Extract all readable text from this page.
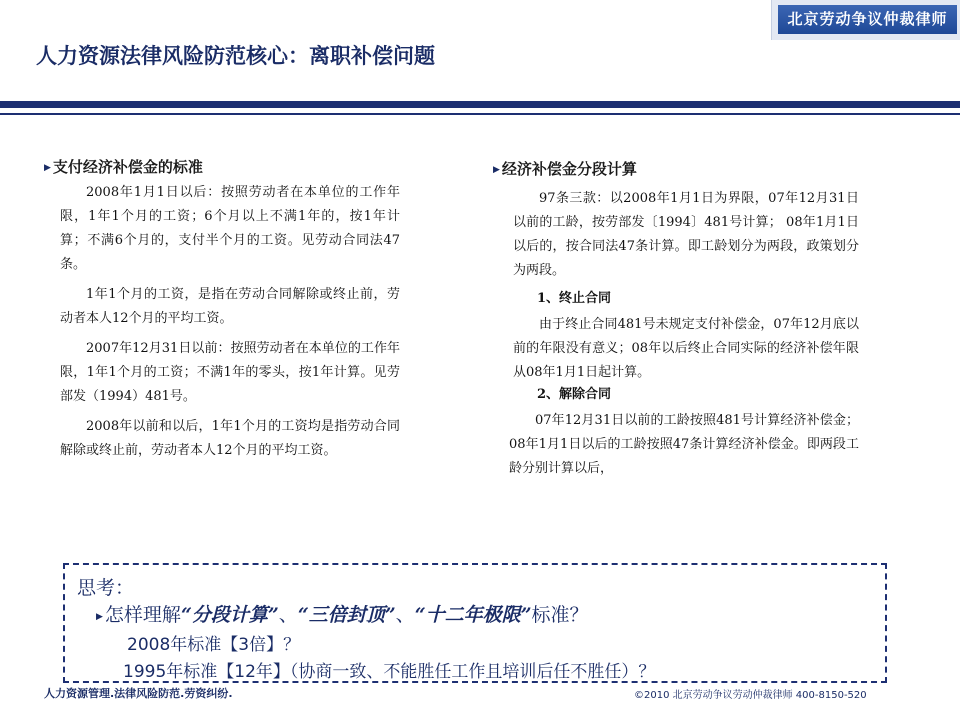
北京劳动争议仲裁律师
人力资源法律风险防范核心：离职补偿问题

▶ 支付经济补偿金的标准

2008年1月1日以后：按照劳动者在本单位的工作年限，1年1个月的工资；6个月以上不满1年的，按1年计算；不满6个月的，支付半个月的工资。见劳动合同法47条。

1年1个月的工资，是指在劳动合同解除或终止前，劳动者本人12个月的平均工资。

2007年12月31日以前：按照劳动者在本单位的工作年限，1年1个月的工资；不满1年的零头，按1年计算。见劳部发（1994）481号。

2008年以前和以后，1年1个月的工资均是指劳动合同解除或终止前，劳动者本人12个月的平均工资。

▶ 经济补偿金分段计算

97条三款：以2008年1月1日为界限，07年12月31日以前的工龄，按劳部发〔1994〕481号计算； 08年1月1日以后的，按合同法47条计算。即工龄划分为两段，政策划分为两段。

1、终止合同

由于终止合同481号未规定支付补偿金，07年12月底以前的年限没有意义；08年以后终止合同实际的经济补偿年限从08年1月1日起计算。

2、解除合同

07年12月31日以前的工龄按照481号计算经济补偿金；08年1月1日以后的工龄按照47条计算经济补偿金。即两段工龄分别计算以后，

思考：
▶ 怎样理解“分段计算”、“三倍封顶”、“十二年极限”标准？
2008年标准【3倍】？
1995年标准【12年】（协商一致、不能胜任工作且培训后任不胜任）？
人力资源管理.法律风险防范.劳资纠纷.	©2010 北京劳动争议劳动仲裁律师 400-8150-520
